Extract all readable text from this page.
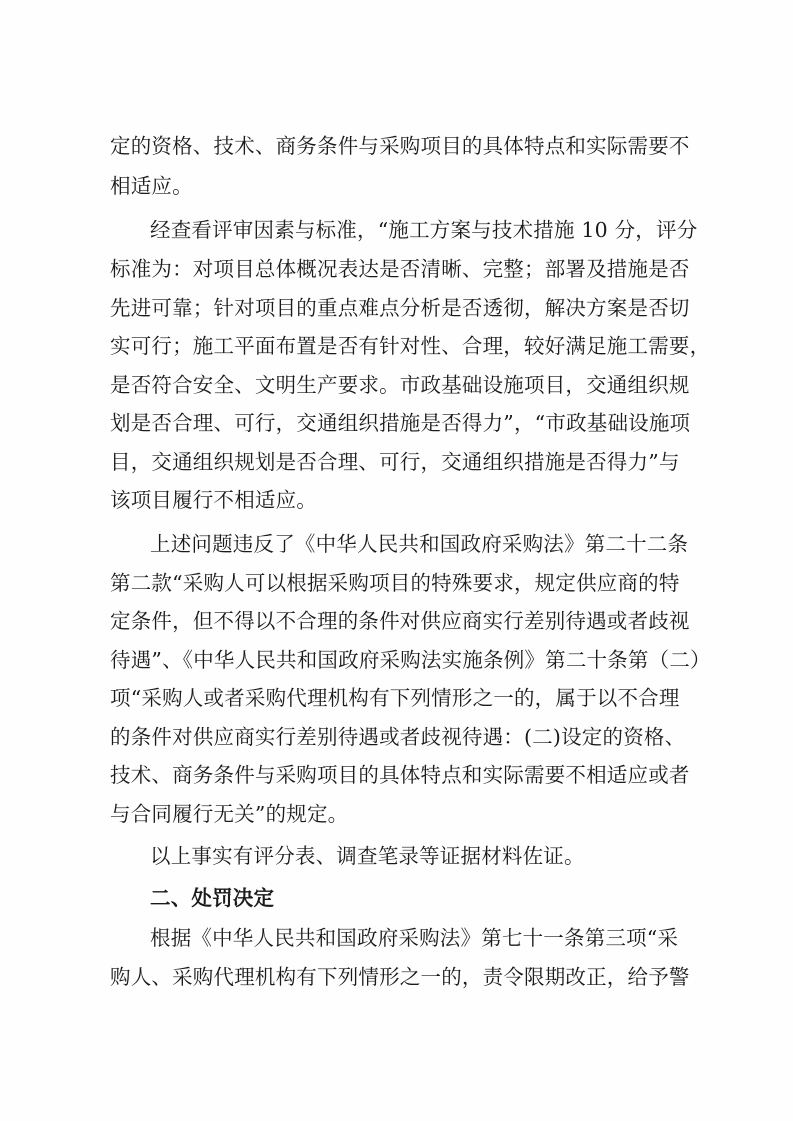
定的资格、技术、商务条件与采购项目的具体特点和实际需要不
相适应。
经查看评审因素与标准，“施工方案与技术措施 10 分，评分
标准为：对项目总体概况表达是否清晰、完整；部署及措施是否
先进可靠；针对项目的重点难点分析是否透彻，解决方案是否切
实可行；施工平面布置是否有针对性、合理，较好满足施工需要，
是否符合安全、文明生产要求。市政基础设施项目，交通组织规
划是否合理、可行，交通组织措施是否得力”，“市政基础设施项
目，交通组织规划是否合理、可行，交通组织措施是否得力”与
该项目履行不相适应。
上述问题违反了《中华人民共和国政府采购法》第二十二条
第二款“采购人可以根据采购项目的特殊要求，规定供应商的特
定条件，但不得以不合理的条件对供应商实行差别待遇或者歧视
待遇”、《中华人民共和国政府采购法实施条例》第二十条第（二）
项“采购人或者采购代理机构有下列情形之一的，属于以不合理
的条件对供应商实行差别待遇或者歧视待遇：(二)设定的资格、
技术、商务条件与采购项目的具体特点和实际需要不相适应或者
与合同履行无关”的规定。
以上事实有评分表、调查笔录等证据材料佐证。
二、处罚决定
根据《中华人民共和国政府采购法》第七十一条第三项“采
购人、采购代理机构有下列情形之一的，责令限期改正，给予警
